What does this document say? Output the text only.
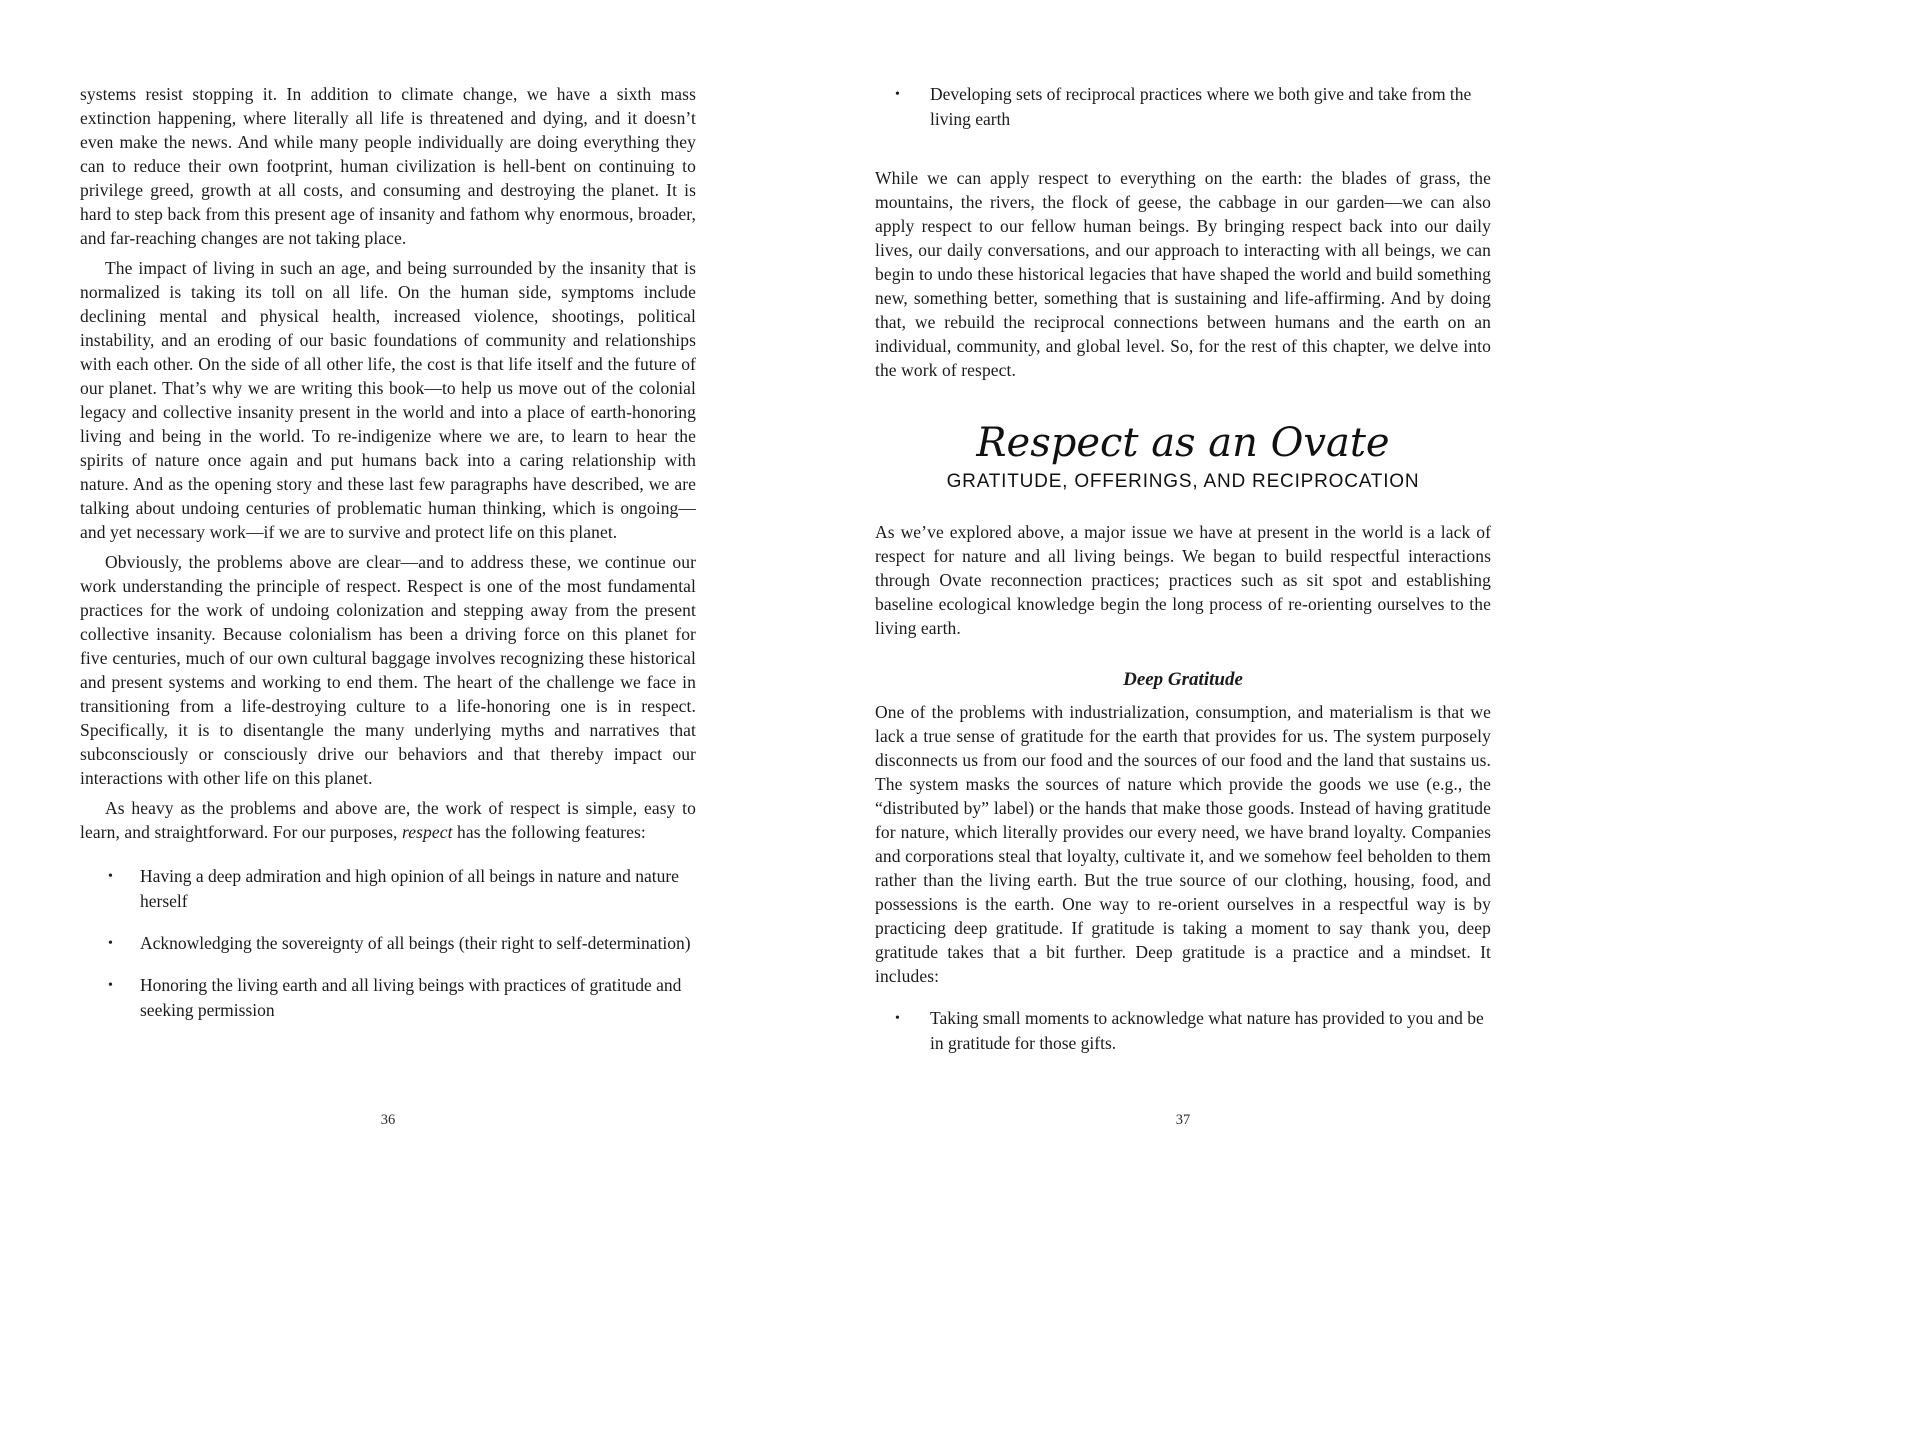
systems resist stopping it. In addition to climate change, we have a sixth mass extinction happening, where literally all life is threatened and dying, and it doesn’t even make the news. And while many people individually are doing everything they can to reduce their own footprint, human civilization is hell-bent on continuing to privilege greed, growth at all costs, and consuming and destroying the planet. It is hard to step back from this present age of insanity and fathom why enormous, broader, and far-reaching changes are not taking place.

The impact of living in such an age, and being surrounded by the insanity that is normalized is taking its toll on all life. On the human side, symptoms include declining mental and physical health, increased violence, shootings, political instability, and an eroding of our basic foundations of community and relationships with each other. On the side of all other life, the cost is that life itself and the future of our planet. That’s why we are writing this book—to help us move out of the colonial legacy and collective insanity present in the world and into a place of earth-honoring living and being in the world. To re-indigenize where we are, to learn to hear the spirits of nature once again and put humans back into a caring relationship with nature. And as the opening story and these last few paragraphs have described, we are talking about undoing centuries of problematic human thinking, which is ongoing—and yet necessary work—if we are to survive and protect life on this planet.

Obviously, the problems above are clear—and to address these, we continue our work understanding the principle of respect. Respect is one of the most fundamental practices for the work of undoing colonization and stepping away from the present collective insanity. Because colonialism has been a driving force on this planet for five centuries, much of our own cultural baggage involves recognizing these historical and present systems and working to end them. The heart of the challenge we face in transitioning from a life-destroying culture to a life-honoring one is in respect. Specifically, it is to disentangle the many underlying myths and narratives that subconsciously or consciously drive our behaviors and that thereby impact our interactions with other life on this planet.

As heavy as the problems and above are, the work of respect is simple, easy to learn, and straightforward. For our purposes, respect has the following features:

•	Having a deep admiration and high opinion of all beings in nature and nature herself
•	Acknowledging the sovereignty of all beings (their right to self-determination)
•	Honoring the living earth and all living beings with practices of gratitude and seeking permission
•	Developing sets of reciprocal practices where we both give and take from the living earth

While we can apply respect to everything on the earth: the blades of grass, the mountains, the rivers, the flock of geese, the cabbage in our garden—we can also apply respect to our fellow human beings. By bringing respect back into our daily lives, our daily conversations, and our approach to interacting with all beings, we can begin to undo these historical legacies that have shaped the world and build something new, something better, something that is sustaining and life-affirming. And by doing that, we rebuild the reciprocal connections between humans and the earth on an individual, community, and global level. So, for the rest of this chapter, we delve into the work of respect.

Respect as an Ovate
GRATITUDE, OFFERINGS, AND RECIPROCATION

As we’ve explored above, a major issue we have at present in the world is a lack of respect for nature and all living beings. We began to build respectful interactions through Ovate reconnection practices; practices such as sit spot and establishing baseline ecological knowledge begin the long process of re-orienting ourselves to the living earth.

Deep Gratitude

One of the problems with industrialization, consumption, and materialism is that we lack a true sense of gratitude for the earth that provides for us. The system purposely disconnects us from our food and the sources of our food and the land that sustains us. The system masks the sources of nature which provide the goods we use (e.g., the “distributed by” label) or the hands that make those goods. Instead of having gratitude for nature, which literally provides our every need, we have brand loyalty. Companies and corporations steal that loyalty, cultivate it, and we somehow feel beholden to them rather than the living earth. But the true source of our clothing, housing, food, and possessions is the earth. One way to re-orient ourselves in a respectful way is by practicing deep gratitude. If gratitude is taking a moment to say thank you, deep gratitude takes that a bit further. Deep gratitude is a practice and a mindset. It includes:

•	Taking small moments to acknowledge what nature has provided to you and be in gratitude for those gifts.
36	37
